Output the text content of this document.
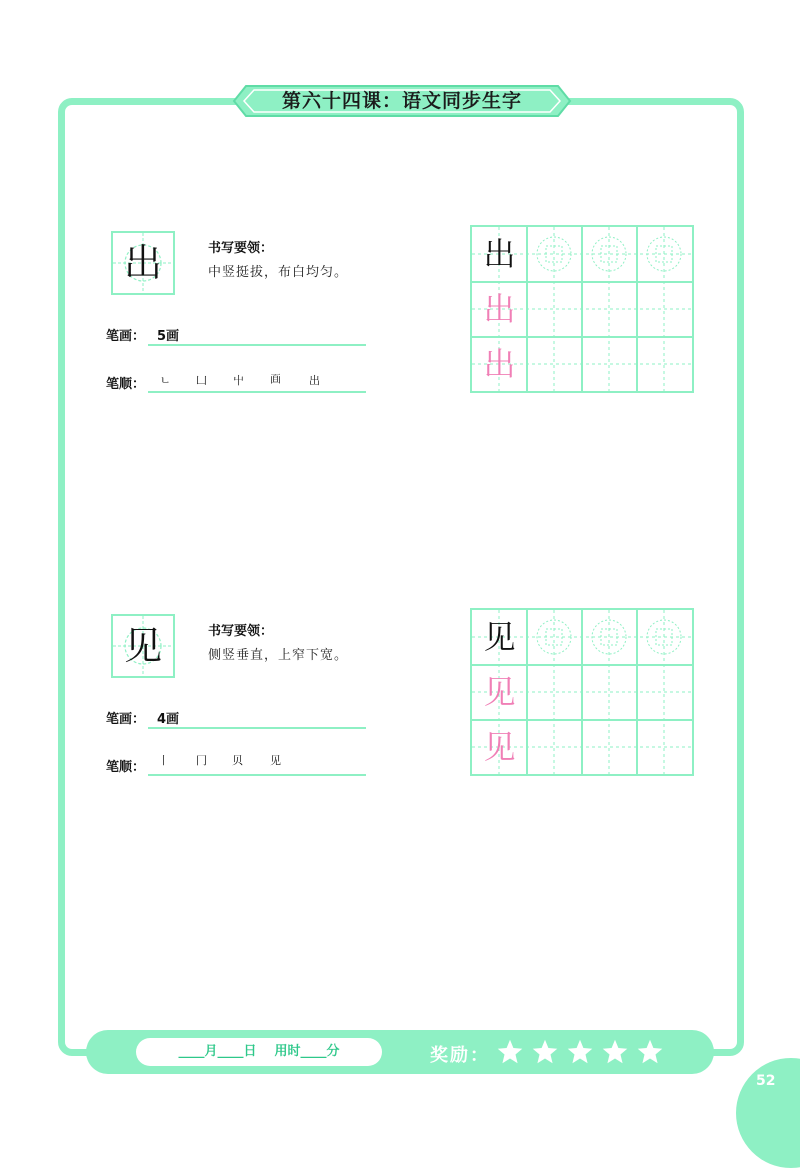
第六十四课：语文同步生字
出	书写要领：
中竖挺拔，布白均匀。
笔画： 5画
笔顺： ㄴ 凵 屮 𠚑	出
出
出
出
见	书写要领：
侧竖垂直，上窄下宽。
笔画： 4画
笔顺： 丨 冂 贝 见
见
见
见
____月____日    用时____分	奖励：
52
